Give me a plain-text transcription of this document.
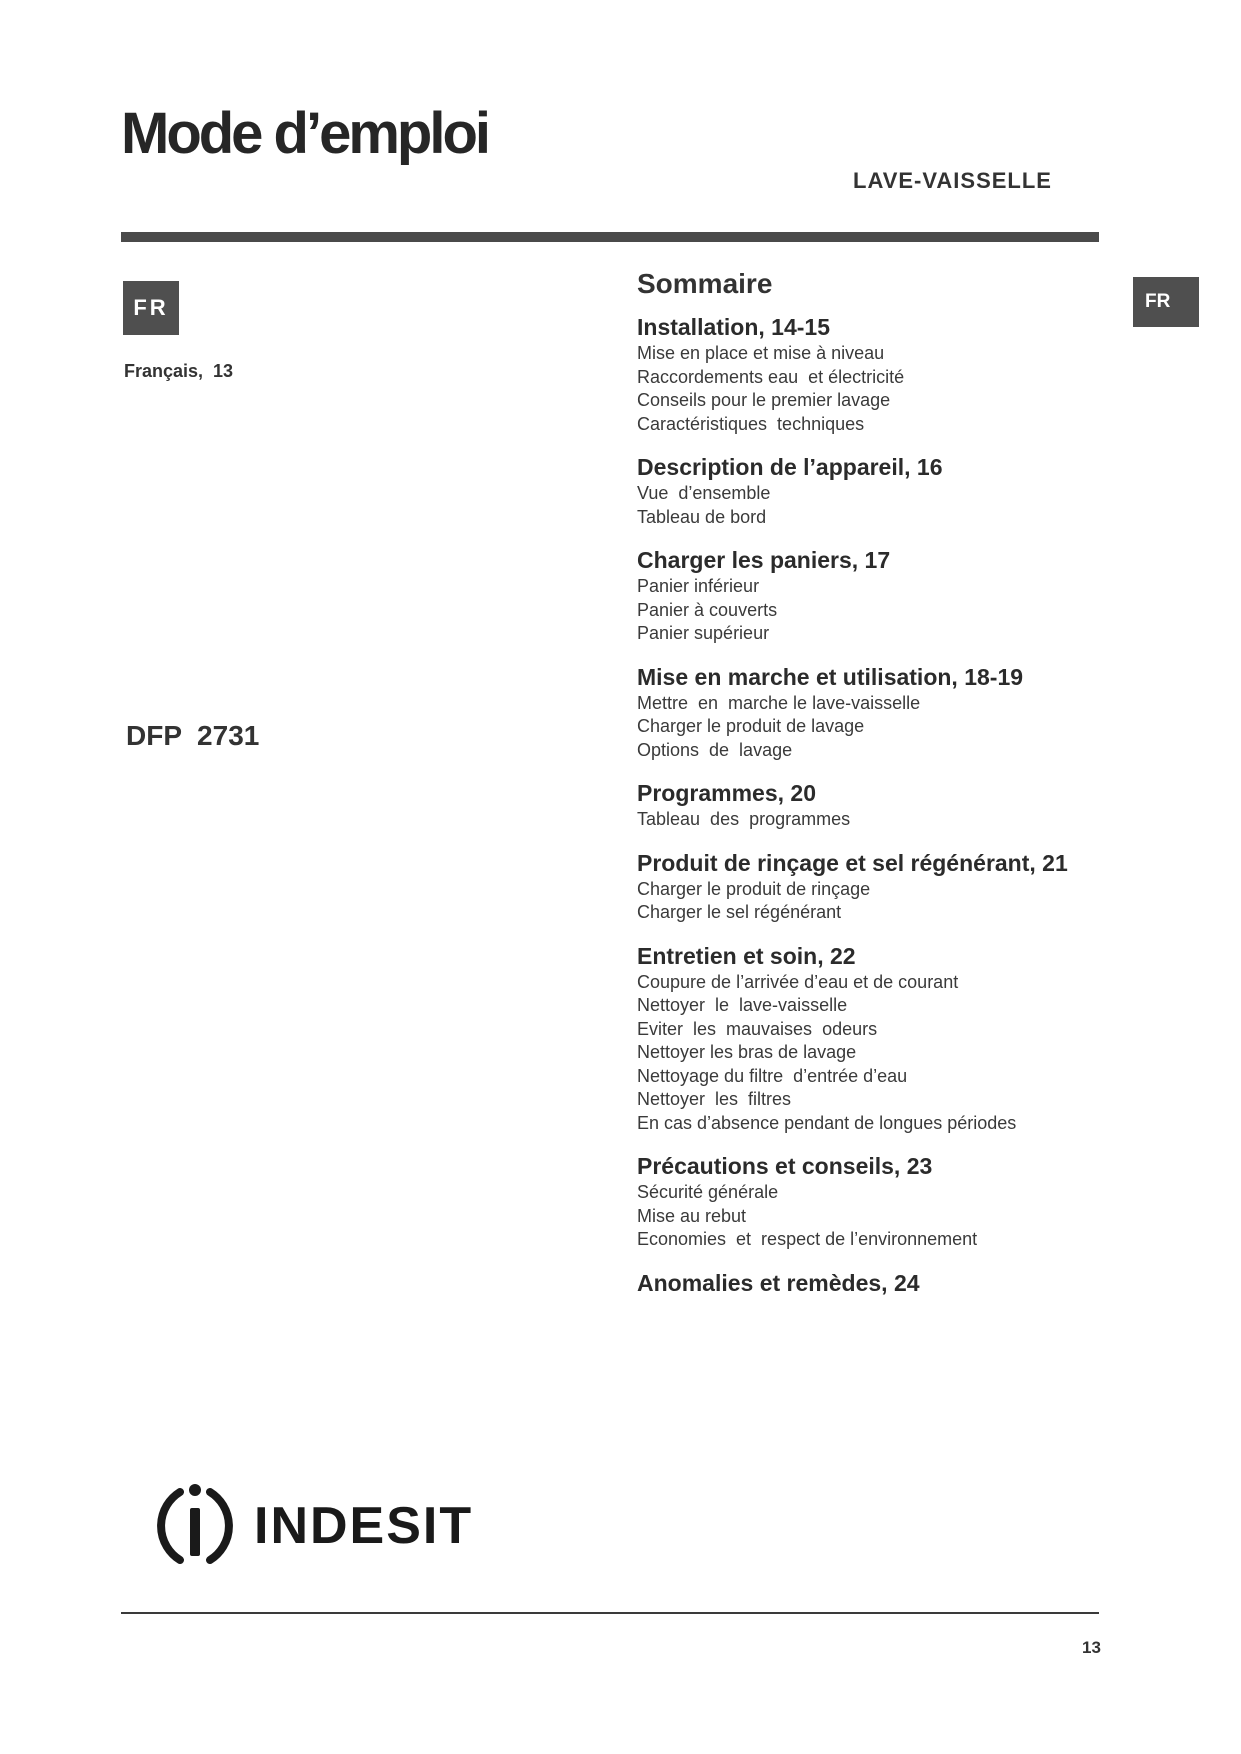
Mode d’emploi
LAVE-VAISSELLE
FR	FR
Français,  13
DFP  2731
Sommaire
Installation, 14-15
Mise en place et mise à niveau
Raccordements eau  et électricité
Conseils pour le premier lavage
Caractéristiques  techniques
Description de l’appareil, 16
Vue  d’ensemble
Tableau de bord
Charger les paniers, 17
Panier inférieur
Panier à couverts
Panier supérieur
Mise en marche et utilisation, 18-19
Mettre  en  marche le lave-vaisselle
Charger le produit de lavage
Options  de  lavage
Programmes, 20
Tableau  des  programmes
Produit de rinçage et sel régénérant, 21
Charger le produit de rinçage
Charger le sel régénérant
Entretien et soin, 22
Coupure de l’arrivée d’eau et de courant
Nettoyer  le  lave-vaisselle
Eviter  les  mauvaises  odeurs
Nettoyer les bras de lavage
Nettoyage du filtre  d’entrée d’eau
Nettoyer  les  filtres
En cas d’absence pendant de longues périodes
Précautions et conseils, 23
Sécurité générale
Mise au rebut
Economies  et  respect de l’environnement
Anomalies et remèdes, 24
INDESIT
13
